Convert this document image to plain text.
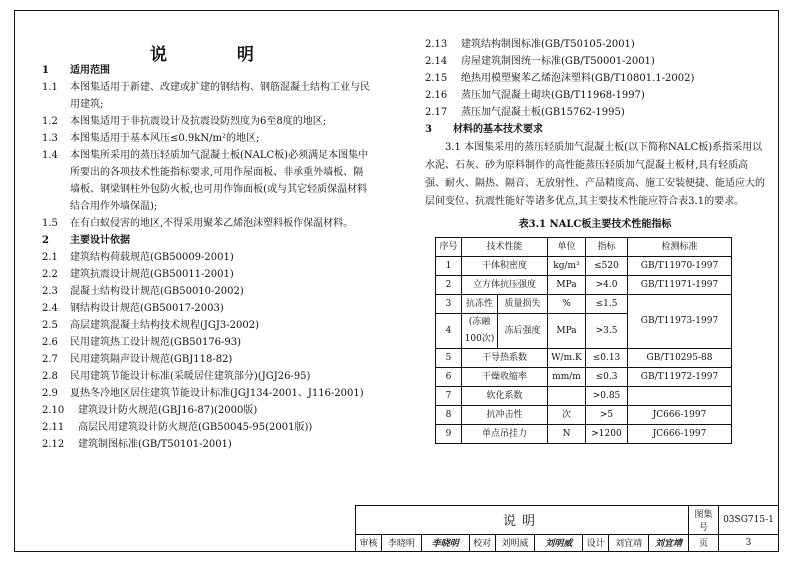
说 明
1	适用范围
1.1	本图集适用于新建、改建或扩建的钢结构、钢筋混凝土结构工业与民用建筑;
1.2	本图集适用于非抗震设计及抗震设防烈度为6至8度的地区;
1.3	本图集适用于基本风压≤0.9kN/m²的地区;
1.4	本图集所采用的蒸压轻质加气混凝土板(NALC板)必须满足本图集中所要出的各项技术性能指标要求,可用作屋面板、非承重外墙板、隔墙板、钢梁钢柱外包防火板,也可用作饰面板(或与其它轻质保温材料结合用作外墙保温);
1.5	在有白蚁侵害的地区,不得采用聚苯乙烯泡沫塑料板作保温材料。
2	主要设计依据
2.1	建筑结构荷载规范(GB50009-2001)
2.2	建筑抗震设计规范(GB50011-2001)
2.3	混凝土结构设计规范(GB50010-2002)
2.4	钢结构设计规范(GB50017-2003)
2.5	高层建筑混凝土结构技术规程(JGJ3-2002)
2.6	民用建筑热工设计规范(GB50176-93)
2.7	民用建筑隔声设计规范(GBJ118-82)
2.8	民用建筑节能设计标准(采暖居住建筑部分)(JGJ26-95)
2.9	夏热冬冷地区居住建筑节能设计标准(JGJ134-2001、J116-2001)
2.10	建筑设计防火规范(GBJ16-87)(2000版)
2.11	高层民用建筑设计防火规范(GB50045-95(2001版))
2.12	建筑制图标准(GB/T50101-2001)
2.13	建筑结构制图标准(GB/T50105-2001)
2.14	房屋建筑制图统一标准(GB/T50001-2001)
2.15	绝热用模塑聚苯乙烯泡沫塑料(GB/T10801.1-2002)
2.16	蒸压加气混凝土砌块(GB/T11968-1997)
2.17	蒸压加气混凝土板(GB15762-1995)
3	材料的基本技术要求
3.1 本图集采用的蒸压轻质加气混凝土板(以下简称NALC板)系指采用以水泥、石灰、砂为原料制作的高性能蒸压轻质加气混凝土板材,具有轻质高强、耐火、隔热、隔音、无放射性、产品精度高、施工安装便捷、能适应大的层间变位、抗震性能好等诸多优点,其主要技术性能应符合表3.1的要求。
表3.1 NALC板主要技术性能指标
序号	技术性能		单位	指标	检测标准
1	干体积密度		kg/m³	≤520	GB/T11970-1997
2	立方体抗压强度		MPa	>4.0	GB/T11971-1997
3	抗冻性	质量损失	%	≤1.5	GB/T11973-1997
4	(冻融100次)	冻后强度	MPa	>3.5	
5	干导热系数		W/m.K	≤0.13	GB/T10295-88
6	干燥收缩率		mm/m	≤0.3	GB/T11972-1997
7	软化系数			>0.85	
8	抗冲击性		次	>5	JC666-1997
9	单点吊挂力		N	>1200	JC666-1997
说明									图集号	03SG715-1
审核	李晓明	李晓明	校对	刘明威	刘明威	设计	刘宜靖	刘宜靖	页	3
